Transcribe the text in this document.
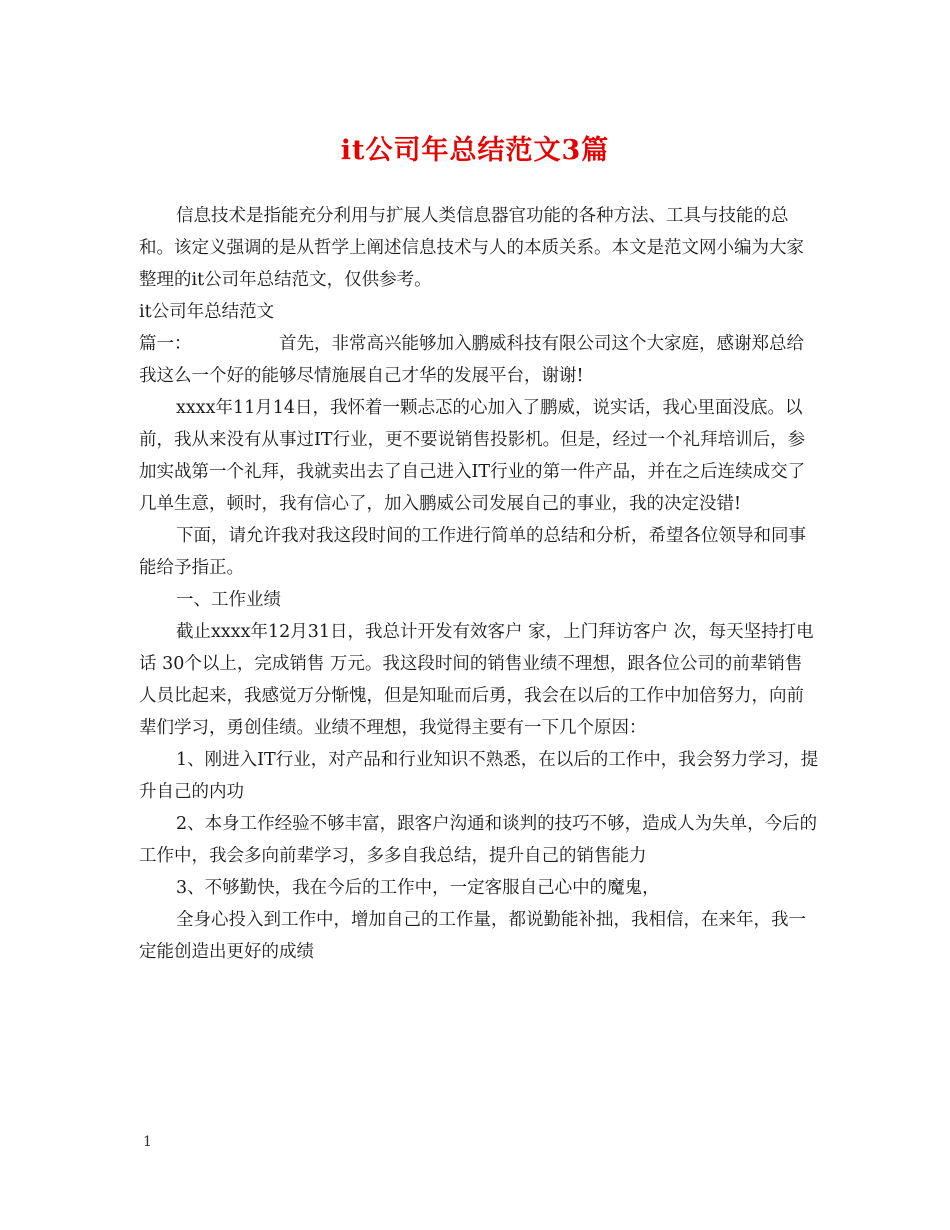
it公司年总结范文3篇

信息技术是指能充分利用与扩展人类信息器官功能的各种方法、工具与技能的总和。该定义强调的是从哲学上阐述信息技术与人的本质关系。本文是范文网小编为大家整理的it公司年总结范文，仅供参考。

it公司年总结范文篇一：	首先，非常高兴能够加入鹏威科技有限公司这个大家庭，感谢郑总给我这么一个好的能够尽情施展自己才华的发展平台，谢谢!

xxxx年11月14日，我怀着一颗忐忑的心加入了鹏威，说实话，我心里面没底。以前，我从来没有从事过IT行业，更不要说销售投影机。但是，经过一个礼拜培训后，参加实战第一个礼拜，我就卖出去了自己进入IT行业的第一件产品，并在之后连续成交了几单生意，顿时，我有信心了，加入鹏威公司发展自己的事业，我的决定没错!

下面，请允许我对我这段时间的工作进行简单的总结和分析，希望各位领导和同事能给予指正。

一、工作业绩

截止xxxx年12月31日，我总计开发有效客户 家，上门拜访客户 次，每天坚持打电话 30个以上，完成销售 万元。我这段时间的销售业绩不理想，跟各位公司的前辈销售人员比起来，我感觉万分惭愧，但是知耻而后勇，我会在以后的工作中加倍努力，向前辈们学习，勇创佳绩。业绩不理想，我觉得主要有一下几个原因：

1、刚进入IT行业，对产品和行业知识不熟悉，在以后的工作中，我会努力学习，提升自己的内功

2、本身工作经验不够丰富，跟客户沟通和谈判的技巧不够，造成人为失单，今后的工作中，我会多向前辈学习，多多自我总结，提升自己的销售能力

3、不够勤快，我在今后的工作中，一定客服自己心中的魔鬼，

全身心投入到工作中，增加自己的工作量，都说勤能补拙，我相信，在来年，我一定能创造出更好的成绩

1
